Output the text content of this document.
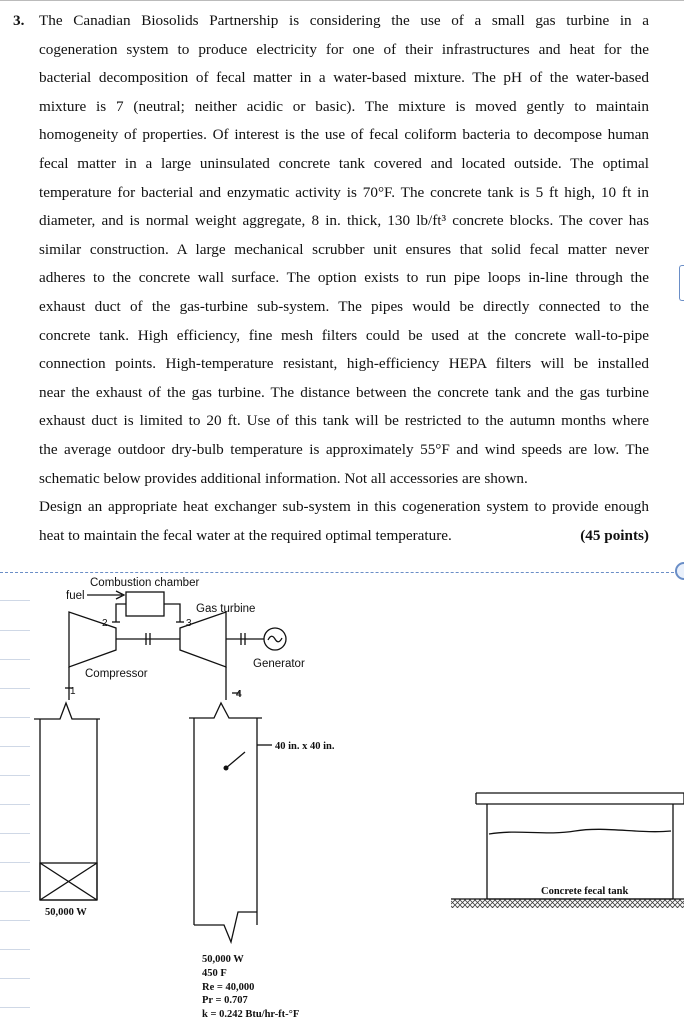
3. The Canadian Biosolids Partnership is considering the use of a small gas turbine in a
cogeneration system to produce electricity for one of their infrastructures and heat for the
bacterial decomposition of fecal matter in a water-based mixture. The pH of the water-based
mixture is 7 (neutral; neither acidic or basic). The mixture is moved gently to maintain
homogeneity of properties. Of interest is the use of fecal coliform bacteria to decompose human
fecal matter in a large uninsulated concrete tank covered and located outside. The optimal
temperature for bacterial and enzymatic activity is 70°F. The concrete tank is 5 ft high, 10 ft in
diameter, and is normal weight aggregate, 8 in. thick, 130 lb/ft³ concrete blocks. The cover has
similar construction. A large mechanical scrubber unit ensures that solid fecal matter never
adheres to the concrete wall surface. The option exists to run pipe loops in-line through the
exhaust duct of the gas-turbine sub-system. The pipes would be directly connected to the
concrete tank. High efficiency, fine mesh filters could be used at the concrete wall-to-pipe
connection points. High-temperature resistant, high-efficiency HEPA filters will be installed
near the exhaust of the gas turbine. The distance between the concrete tank and the gas turbine
exhaust duct is limited to 20 ft. Use of this tank will be restricted to the autumn months where
the average outdoor dry-bulb temperature is approximately 55°F and wind speeds are low. The
schematic below provides additional information. Not all accessories are shown.
Design an appropriate heat exchanger sub-system in this cogeneration system to provide enough
heat to maintain the fecal water at the required optimal temperature.	(45 points)
Combustion chamber
fuel
Gas turbine
Compressor
Generator
1
2	3
4
40 in. x 40 in.
50,000 W
50,000 W
450 F
Re = 40,000
Pr = 0.707
k = 0.242 Btu/hr-ft-°F
Concrete fecal tank
